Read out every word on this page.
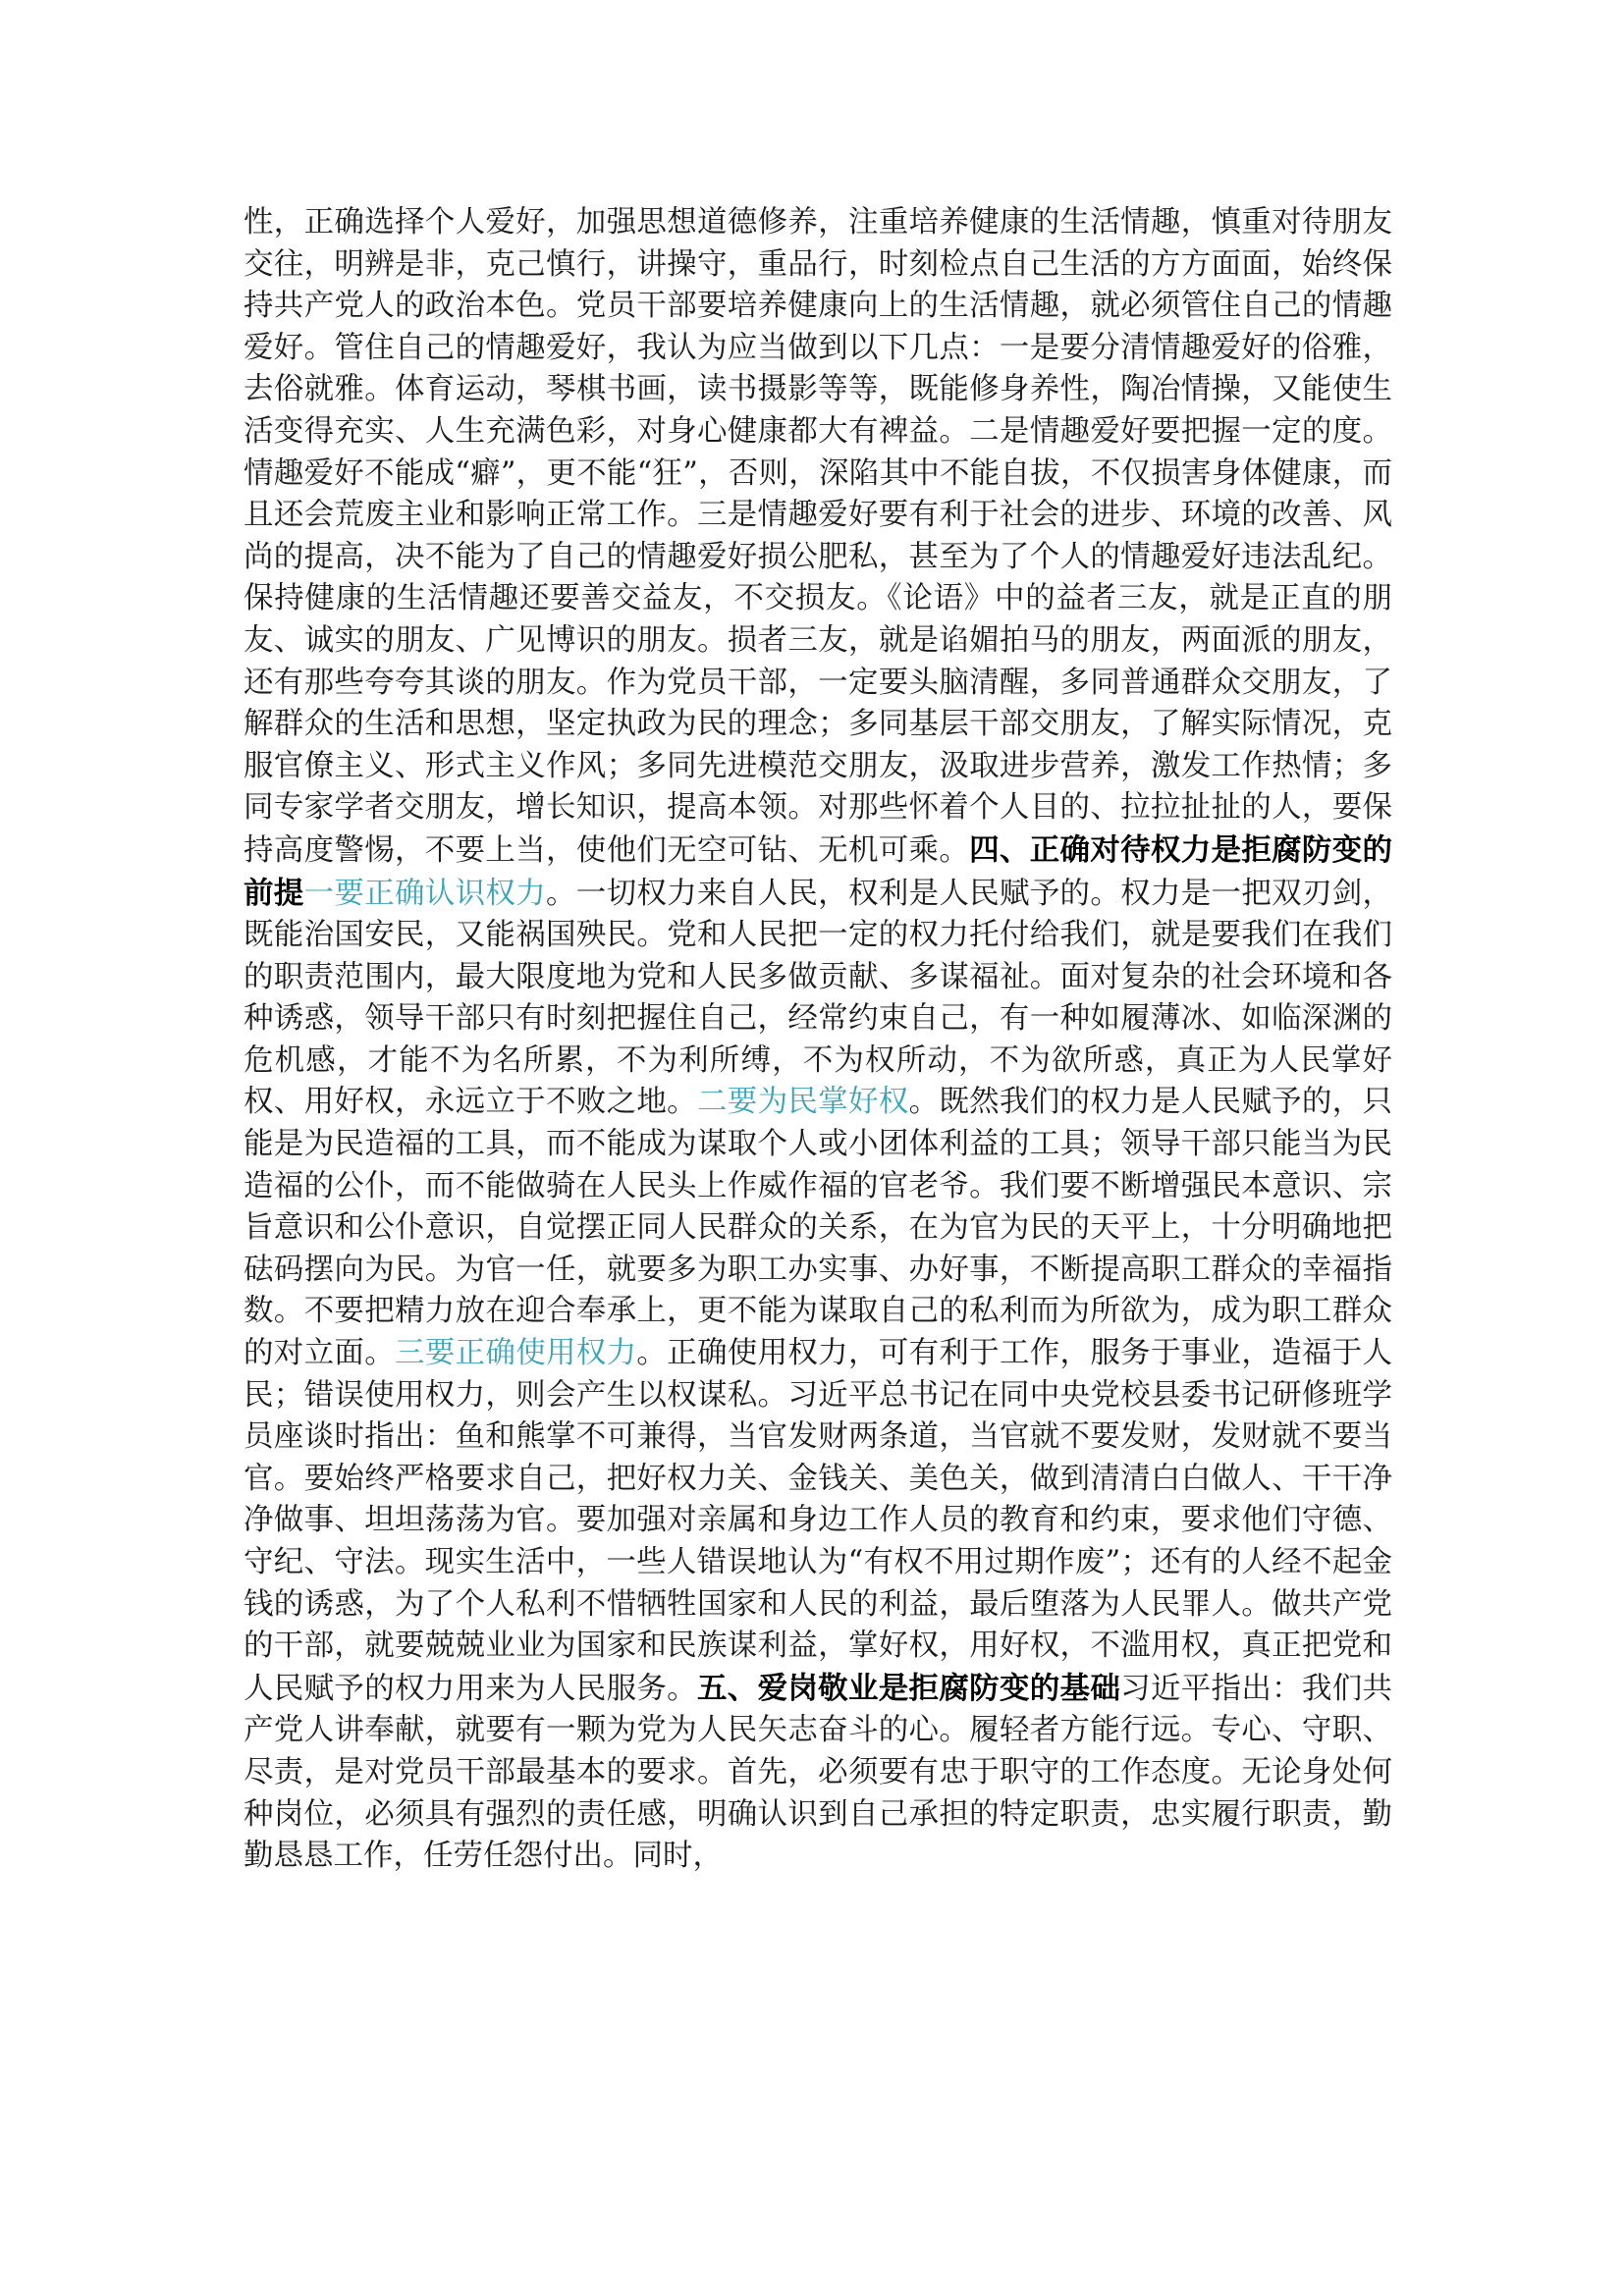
性，正确选择个人爱好，加强思想道德修养，注重培养健康的生活情趣，慎重对待朋友交往，明辨是非，克己慎行，讲操守，重品行，时刻检点自己生活的方方面面，始终保持共产党人的政治本色。党员干部要培养健康向上的生活情趣，就必须管住自己的情趣爱好。管住自己的情趣爱好，我认为应当做到以下几点：一是要分清情趣爱好的俗雅，去俗就雅。体育运动，琴棋书画，读书摄影等等，既能修身养性，陶冶情操，又能使生活变得充实、人生充满色彩，对身心健康都大有裨益。二是情趣爱好要把握一定的度。情趣爱好不能成“癖”，更不能“狂”，否则，深陷其中不能自拔，不仅损害身体健康，而且还会荒废主业和影响正常工作。三是情趣爱好要有利于社会的进步、环境的改善、风尚的提高，决不能为了自己的情趣爱好损公肥私，甚至为了个人的情趣爱好违法乱纪。保持健康的生活情趣还要善交益友，不交损友。《论语》中的益者三友，就是正直的朋友、诚实的朋友、广见博识的朋友。损者三友，就是谄媚拍马的朋友，两面派的朋友，还有那些夸夸其谈的朋友。作为党员干部，一定要头脑清醒，多同普通群众交朋友，了解群众的生活和思想，坚定执政为民的理念；多同基层干部交朋友，了解实际情况，克服官僚主义、形式主义作风；多同先进模范交朋友，汲取进步营养，激发工作热情；多同专家学者交朋友，增长知识，提高本领。对那些怀着个人目的、拉拉扯扯的人，要保持高度警惕，不要上当，使他们无空可钻、无机可乘。四、正确对待权力是拒腐防变的前提一要正确认识权力。一切权力来自人民，权利是人民赋予的。权力是一把双刃剑，既能治国安民，又能祸国殃民。党和人民把一定的权力托付给我们，就是要我们在我们的职责范围内，最大限度地为党和人民多做贡献、多谋福祉。面对复杂的社会环境和各种诱惑，领导干部只有时刻把握住自己，经常约束自己，有一种如履薄冰、如临深渊的危机感，才能不为名所累，不为利所缚，不为权所动，不为欲所惑，真正为人民掌好权、用好权，永远立于不败之地。二要为民掌好权。既然我们的权力是人民赋予的，只能是为民造福的工具，而不能成为谋取个人或小团体利益的工具；领导干部只能当为民造福的公仆，而不能做骑在人民头上作威作福的官老爷。我们要不断增强民本意识、宗旨意识和公仆意识，自觉摆正同人民群众的关系，在为官为民的天平上，十分明确地把砝码摆向为民。为官一任，就要多为职工办实事、办好事，不断提高职工群众的幸福指数。不要把精力放在迎合奉承上，更不能为谋取自己的私利而为所欲为，成为职工群众的对立面。三要正确使用权力。正确使用权力，可有利于工作，服务于事业，造福于人民；错误使用权力，则会产生以权谋私。习近平总书记在同中央党校县委书记研修班学员座谈时指出：鱼和熊掌不可兼得，当官发财两条道，当官就不要发财，发财就不要当官。要始终严格要求自己，把好权力关、金钱关、美色关，做到清清白白做人、干干净净做事、坦坦荡荡为官。要加强对亲属和身边工作人员的教育和约束，要求他们守德、守纪、守法。现实生活中，一些人错误地认为“有权不用过期作废”；还有的人经不起金钱的诱惑，为了个人私利不惜牺牲国家和人民的利益，最后堕落为人民罪人。做共产党的干部，就要兢兢业业为国家和民族谋利益，掌好权，用好权，不滥用权，真正把党和人民赋予的权力用来为人民服务。五、爱岗敬业是拒腐防变的基础习近平指出：我们共产党人讲奉献，就要有一颗为党为人民矢志奋斗的心。履轻者方能行远。专心、守职、尽责，是对党员干部最基本的要求。首先，必须要有忠于职守的工作态度。无论身处何种岗位，必须具有强烈的责任感，明确认识到自己承担的特定职责，忠实履行职责，勤勤恳恳工作，任劳任怨付出。同时，
